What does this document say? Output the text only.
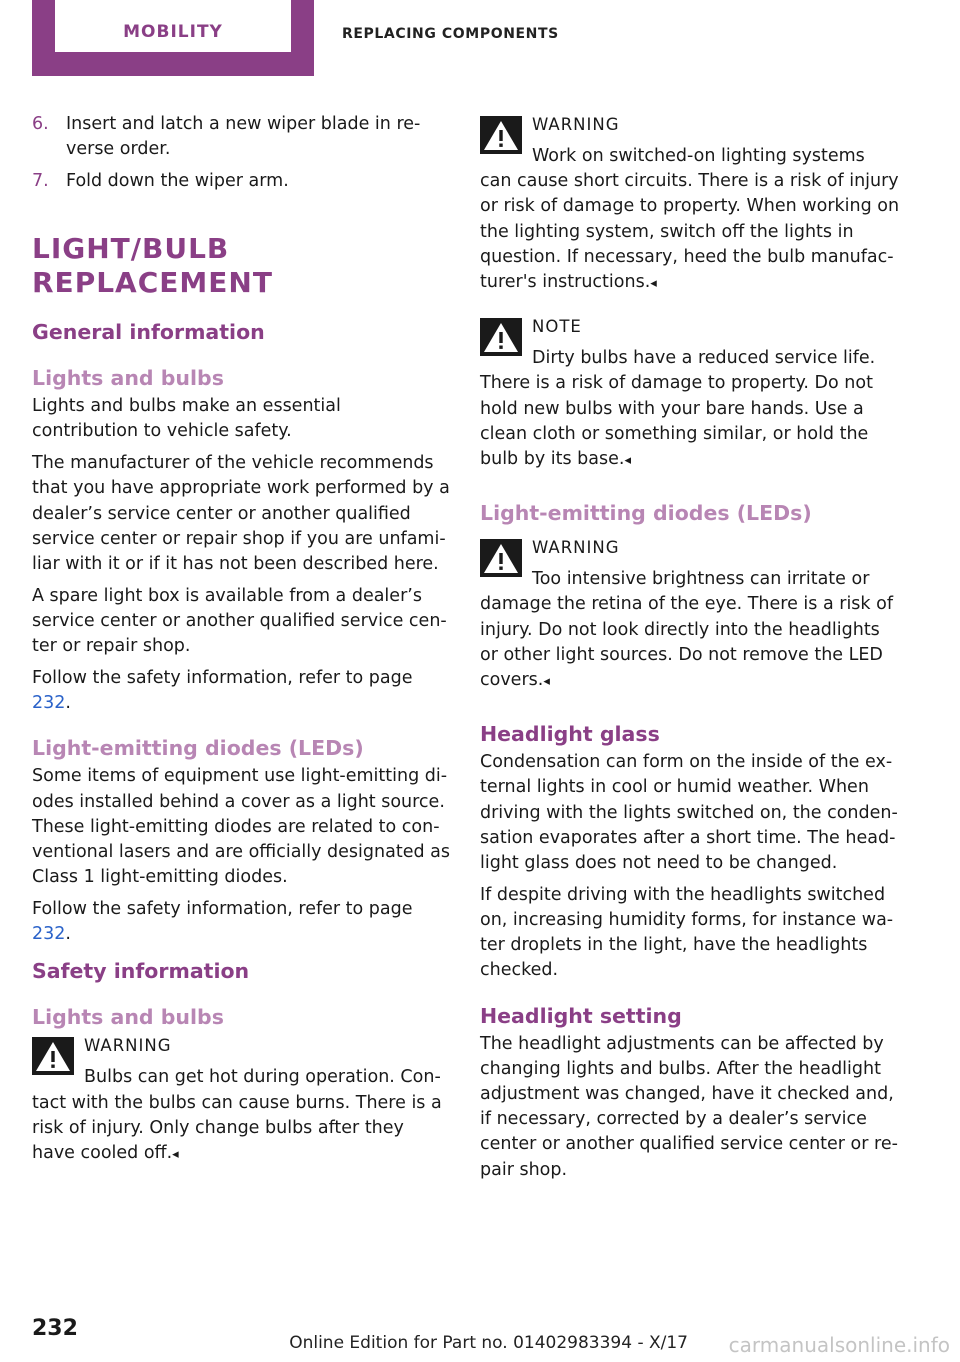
MOBILITY	REPLACING COMPONENTS
6. Insert and latch a new wiper blade in re‐verse order.
7. Fold down the wiper arm.
LIGHT/BULB REPLACEMENT
General information
Lights and bulbs

Lights and bulbs make an essential contribution to vehicle safety.

The manufacturer of the vehicle recommends that you have appropriate work performed by a dealer’s service center or another qualified service center or repair shop if you are unfami‐liar with it or if it has not been described here.

A spare light box is available from a dealer’s service center or another qualified service cen‐ter or repair shop.

Follow the safety information, refer to page 232.

Light-emitting diodes (LEDs)

Some items of equipment use light-emitting di‐odes installed behind a cover as a light source. These light-emitting diodes are related to con‐ventional lasers and are officially designated as Class 1 light-emitting diodes.

Follow the safety information, refer to page 232.

Safety information
Lights and bulbs
WARNING
Bulbs can get hot during operation. Con‐tact with the bulbs can cause burns. There is a risk of injury. Only change bulbs after they have cooled off.◂
WARNING
Work on switched-on lighting systems can cause short circuits. There is a risk of injury or risk of damage to property. When working on the lighting system, switch off the lights in question. If necessary, heed the bulb manufac‐turer's instructions.◂
NOTE
Dirty bulbs have a reduced service life. There is a risk of damage to property. Do not hold new bulbs with your bare hands. Use a clean cloth or something similar, or hold the bulb by its base.◂
Light-emitting diodes (LEDs)
WARNING
Too intensive brightness can irritate or damage the retina of the eye. There is a risk of injury. Do not look directly into the headlights or other light sources. Do not remove the LED covers.◂
Headlight glass

Condensation can form on the inside of the ex‐ternal lights in cool or humid weather. When driving with the lights switched on, the conden‐sation evaporates after a short time. The head‐light glass does not need to be changed.

If despite driving with the headlights switched on, increasing humidity forms, for instance wa‐ter droplets in the light, have the headlights checked.

Headlight setting

The headlight adjustments can be affected by changing lights and bulbs. After the headlight adjustment was changed, have it checked and, if necessary, corrected by a dealer’s service center or another qualified service center or re‐pair shop.

232
Online Edition for Part no. 01402983394 - X/17 carmanualsonline.info
